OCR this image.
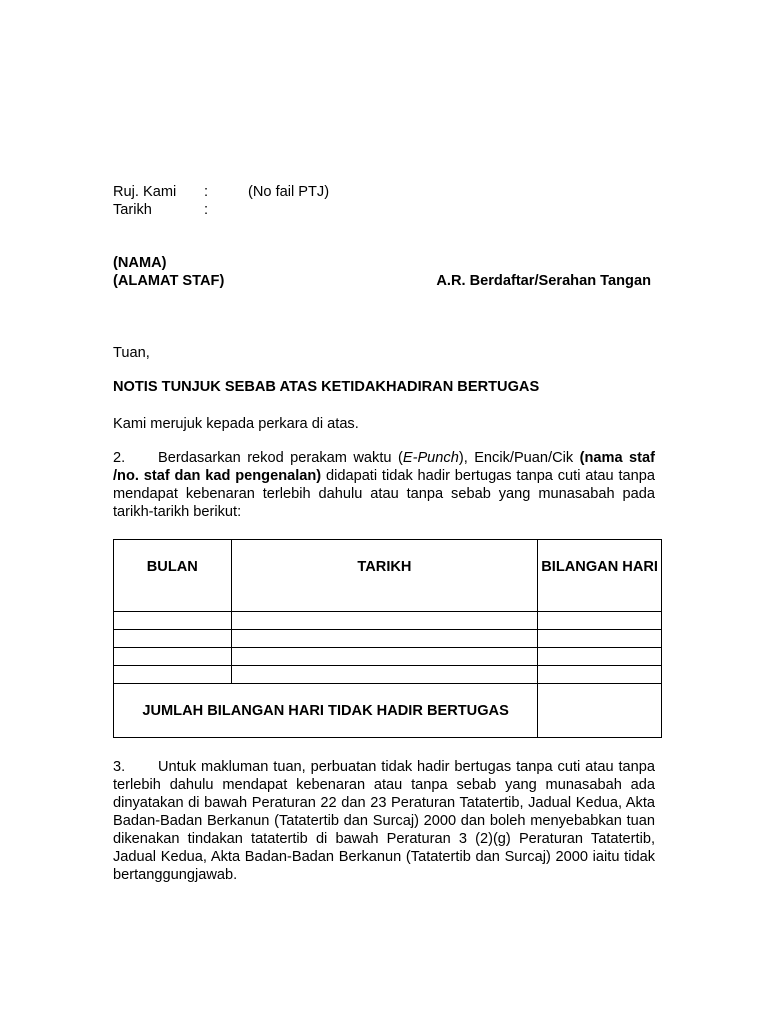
Ruj. Kami	:	(No fail PTJ)
Tarikh	:
(NAMA)
(ALAMAT STAF)	A.R. Berdaftar/Serahan Tangan
Tuan,
NOTIS TUNJUK SEBAB ATAS KETIDAKHADIRAN BERTUGAS
Kami merujuk kepada perkara di atas.
2. Berdasarkan rekod perakam waktu (E-Punch), Encik/Puan/Cik (nama staf /no. staf dan kad pengenalan) didapati tidak hadir bertugas tanpa cuti atau tanpa mendapat kebenaran terlebih dahulu atau tanpa sebab yang munasabah pada tarikh-tarikh berikut:
BULAN	TARIKH	BILANGAN HARI

JUMLAH BILANGAN HARI TIDAK HADIR BERTUGAS		
3. Untuk makluman tuan, perbuatan tidak hadir bertugas tanpa cuti atau tanpa terlebih dahulu mendapat kebenaran atau tanpa sebab yang munasabah ada dinyatakan di bawah Peraturan 22 dan 23 Peraturan Tatatertib, Jadual Kedua, Akta Badan-Badan Berkanun (Tatatertib dan Surcaj) 2000 dan boleh menyebabkan tuan dikenakan tindakan tatatertib di bawah Peraturan 3 (2)(g) Peraturan Tatatertib, Jadual Kedua, Akta Badan-Badan Berkanun (Tatatertib dan Surcaj) 2000 iaitu tidak bertanggungjawab.
